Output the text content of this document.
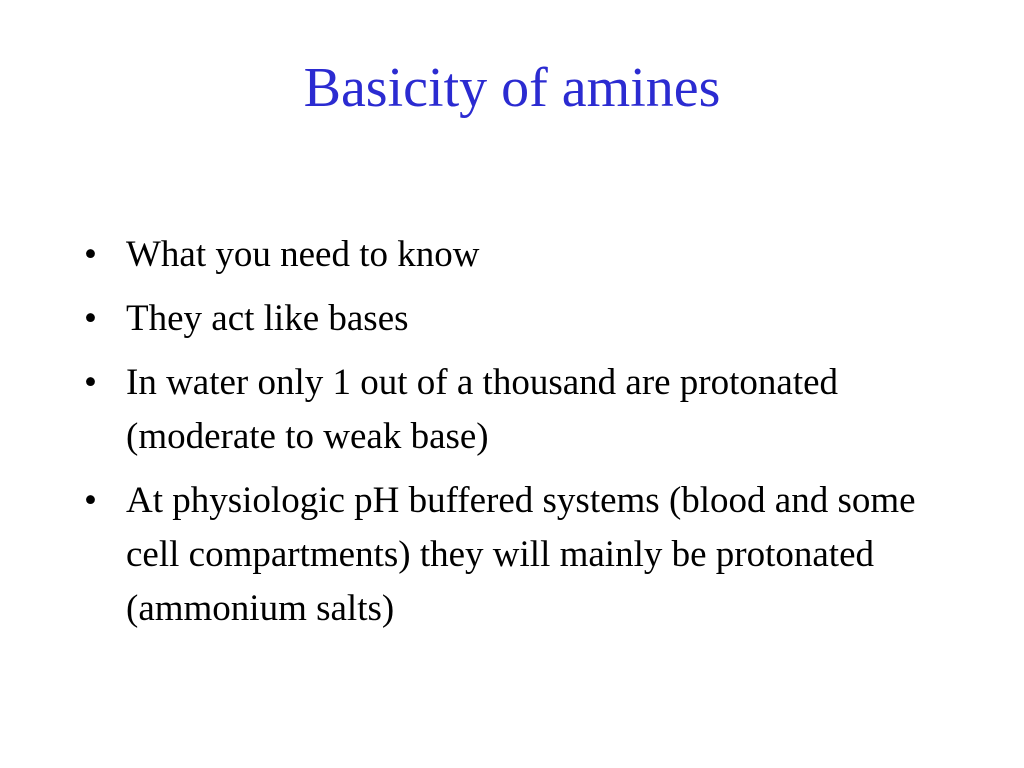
Basicity of amines
• What you need to know
• They act like bases
• In water only 1 out of a thousand are protonated (moderate to weak base)
• At physiologic pH buffered systems (blood and some cell compartments) they will mainly be protonated (ammonium salts)
